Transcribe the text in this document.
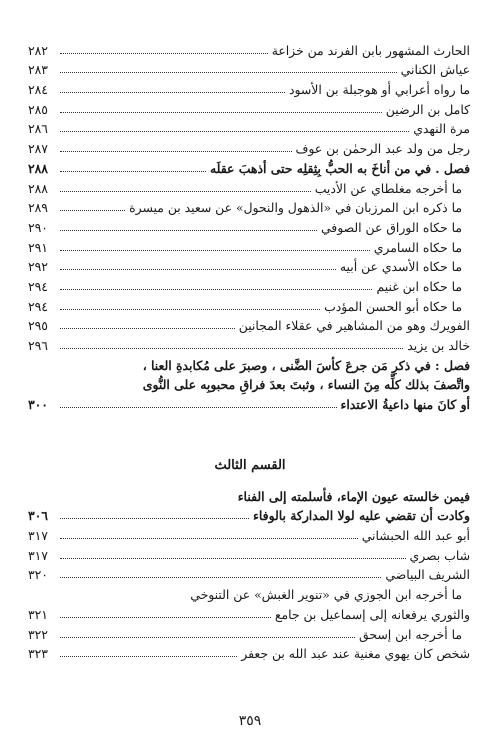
الحارث المشهور بابن الفرند من خزاعة
٢٨٢
عياش الكناني
٢٨٣
ما رواه أعرابي أو هوجبلة بن الأسود
٢٨٤
كامل بن الرضين
٢٨٥
مرة النهدي
٢٨٦
رجل من ولد عبد الرحمٰن بن عوف
٢٨٧
فصل . في من أناخَ به الحبُّ بِثِقلِه حتى أذهبَ عقلَه
٢٨٨
ما أخرجه مغلطاي عن الأديب
٢٨٨
ما ذكره ابن المرزبان في «الذهول والنحول» عن سعيد بن ميسرة
٢٨٩
ما حكاه الوراق عن الصوفي
٢٩٠
ما حكاه السامري
٢٩١
ما حكاه الأسدي عن أبيه
٢٩٢
ما حكاه ابن غنيم
٢٩٤
ما حكاه أبو الحسن المؤدب
٢٩٤
الفويرك وهو من المشاهير في عقلاء المجانين
٢٩٥
خالد بن يزيد
٢٩٦
فصل : في ذكرِ مَن جرعَ كأسَ الضَّنى ، وصبرَ على مُكابدةِ العنا ،
واتَّصفَ بذلك كلِّه مِنَ النساء ، وثبتَ بعدَ فراقِ محبوبِه على النُّوى
أو كانَ منها داعيةُ الاعتداء
٣٠٠
القسم الثالث
فيمن خالسته عيون الإماء، فأسلمته إلى الفناء
وكادت أن تقضي عليه لولا المداركة بالوفاء
٣٠٦
أبو عبد الله الحبشاني
٣١٧
شاب بصري
٣١٧
الشريف البياضي
٣٢٠
ما أخرجه ابن الجوزي في «تنوير الغبش» عن التنوخي
والثوري يرفعانه إلى إسماعيل بن جامع
٣٢١
ما أخرجه ابن إسحق
٣٢٢
شخص كان يهوي مغنية عند عبد الله بن جعفر
٣٢٣
٣٥٩
